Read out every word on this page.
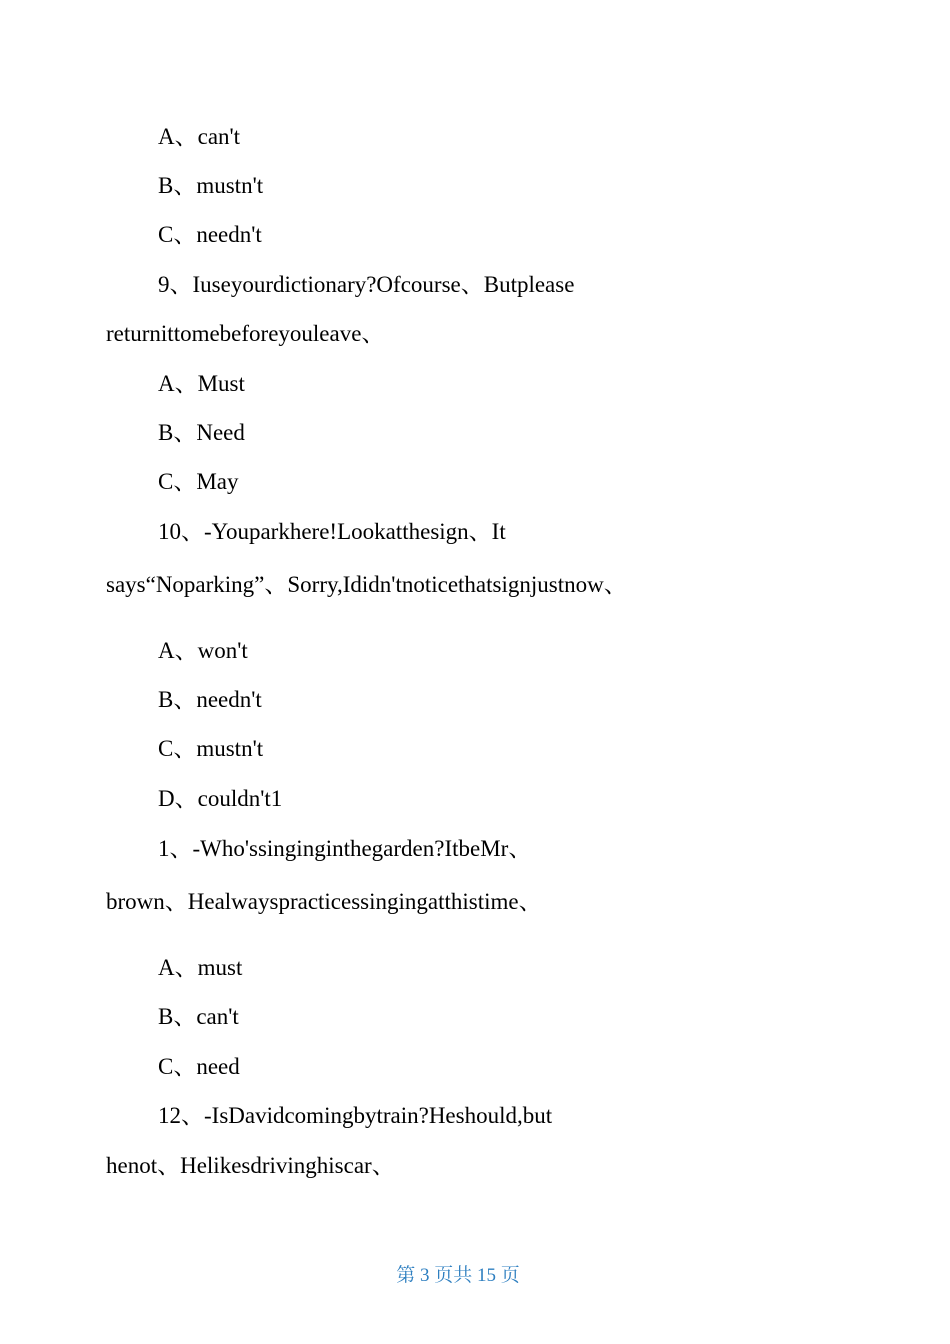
A、can't
B、mustn't
C、needn't
9、Iuseyourdictionary?Ofcourse、Butplease
returnittomebeforeyouleave、
A、Must
B、Need
C、May
10、-Youparkhere!Lookatthesign、It
says“Noparking”、Sorry,Ididn'tnoticethatsignjustnow、
A、won't
B、needn't
C、mustn't
D、couldn't1
1、-Who'ssinginginthegarden?ItbeMr、
brown、Healwayspracticessingingatthistime、
A、must
B、can't
C、need
12、-IsDavidcomingbytrain?Heshould,but
henot、Helikesdrivinghiscar、
第 3 页共 15 页
